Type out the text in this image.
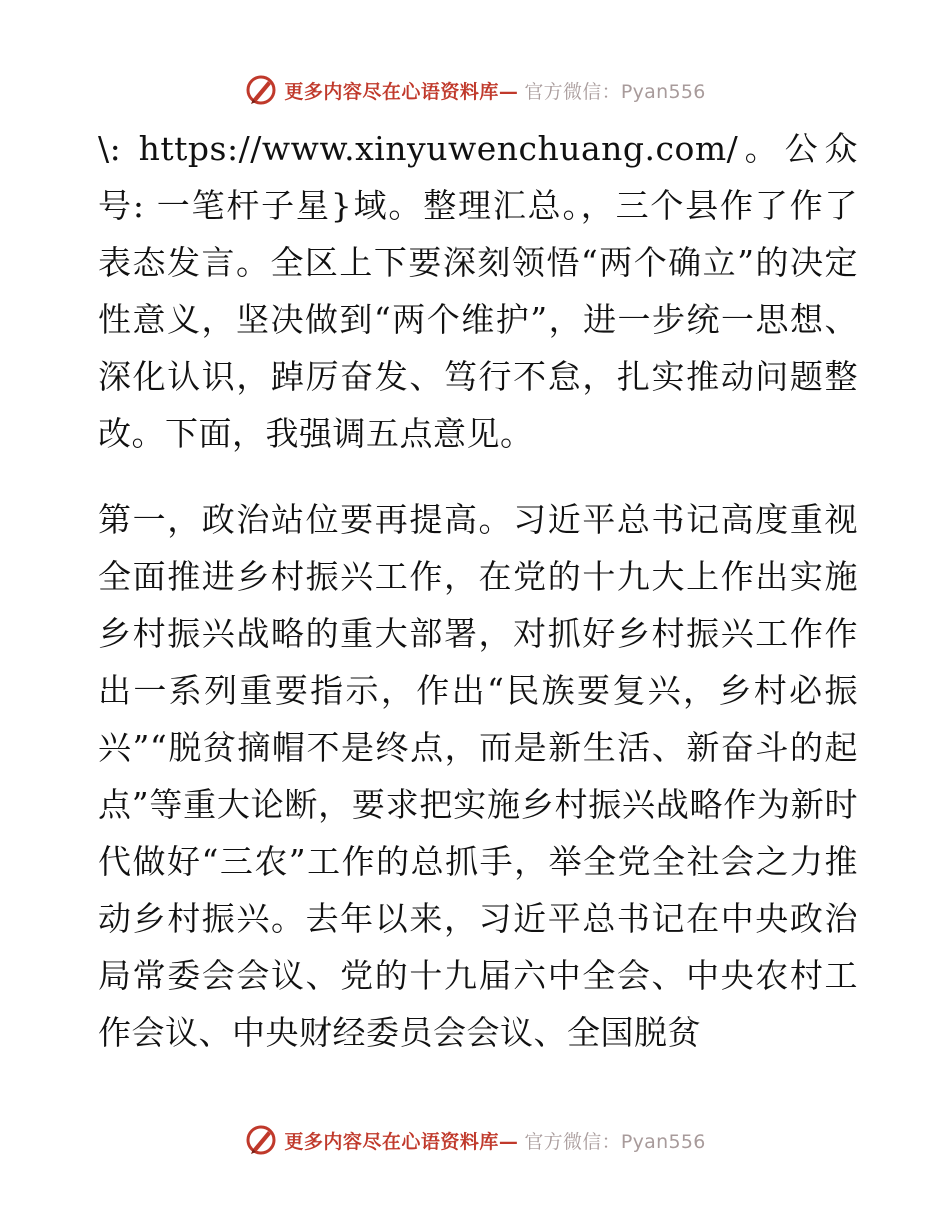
更多内容尽在心语资料库— 官方微信：Pyan556

\: https://www.xinyuwenchuang.com/。公众号: 一笔杆子星}域。整理汇总。，三个县作了作了表态发言。全区上下要深刻领悟“两个确立”的决定性意义，坚决做到“两个维护”，进一步统一思想、深化认识，踔厉奋发、笃行不怠，扎实推动问题整改。下面，我强调五点意见。

第一，政治站位要再提高。习近平总书记高度重视全面推进乡村振兴工作，在党的十九大上作出实施乡村振兴战略的重大部署，对抓好乡村振兴工作作出一系列重要指示，作出“民族要复兴，乡村必振兴”“脱贫摘帽不是终点，而是新生活、新奋斗的起点”等重大论断，要求把实施乡村振兴战略作为新时代做好“三农”工作的总抓手，举全党全社会之力推动乡村振兴。去年以来，习近平总书记在中央政治局常委会会议、党的十九届六中全会、中央农村工作会议、中央财经委员会会议、全国脱贫

更多内容尽在心语资料库— 官方微信：Pyan556
